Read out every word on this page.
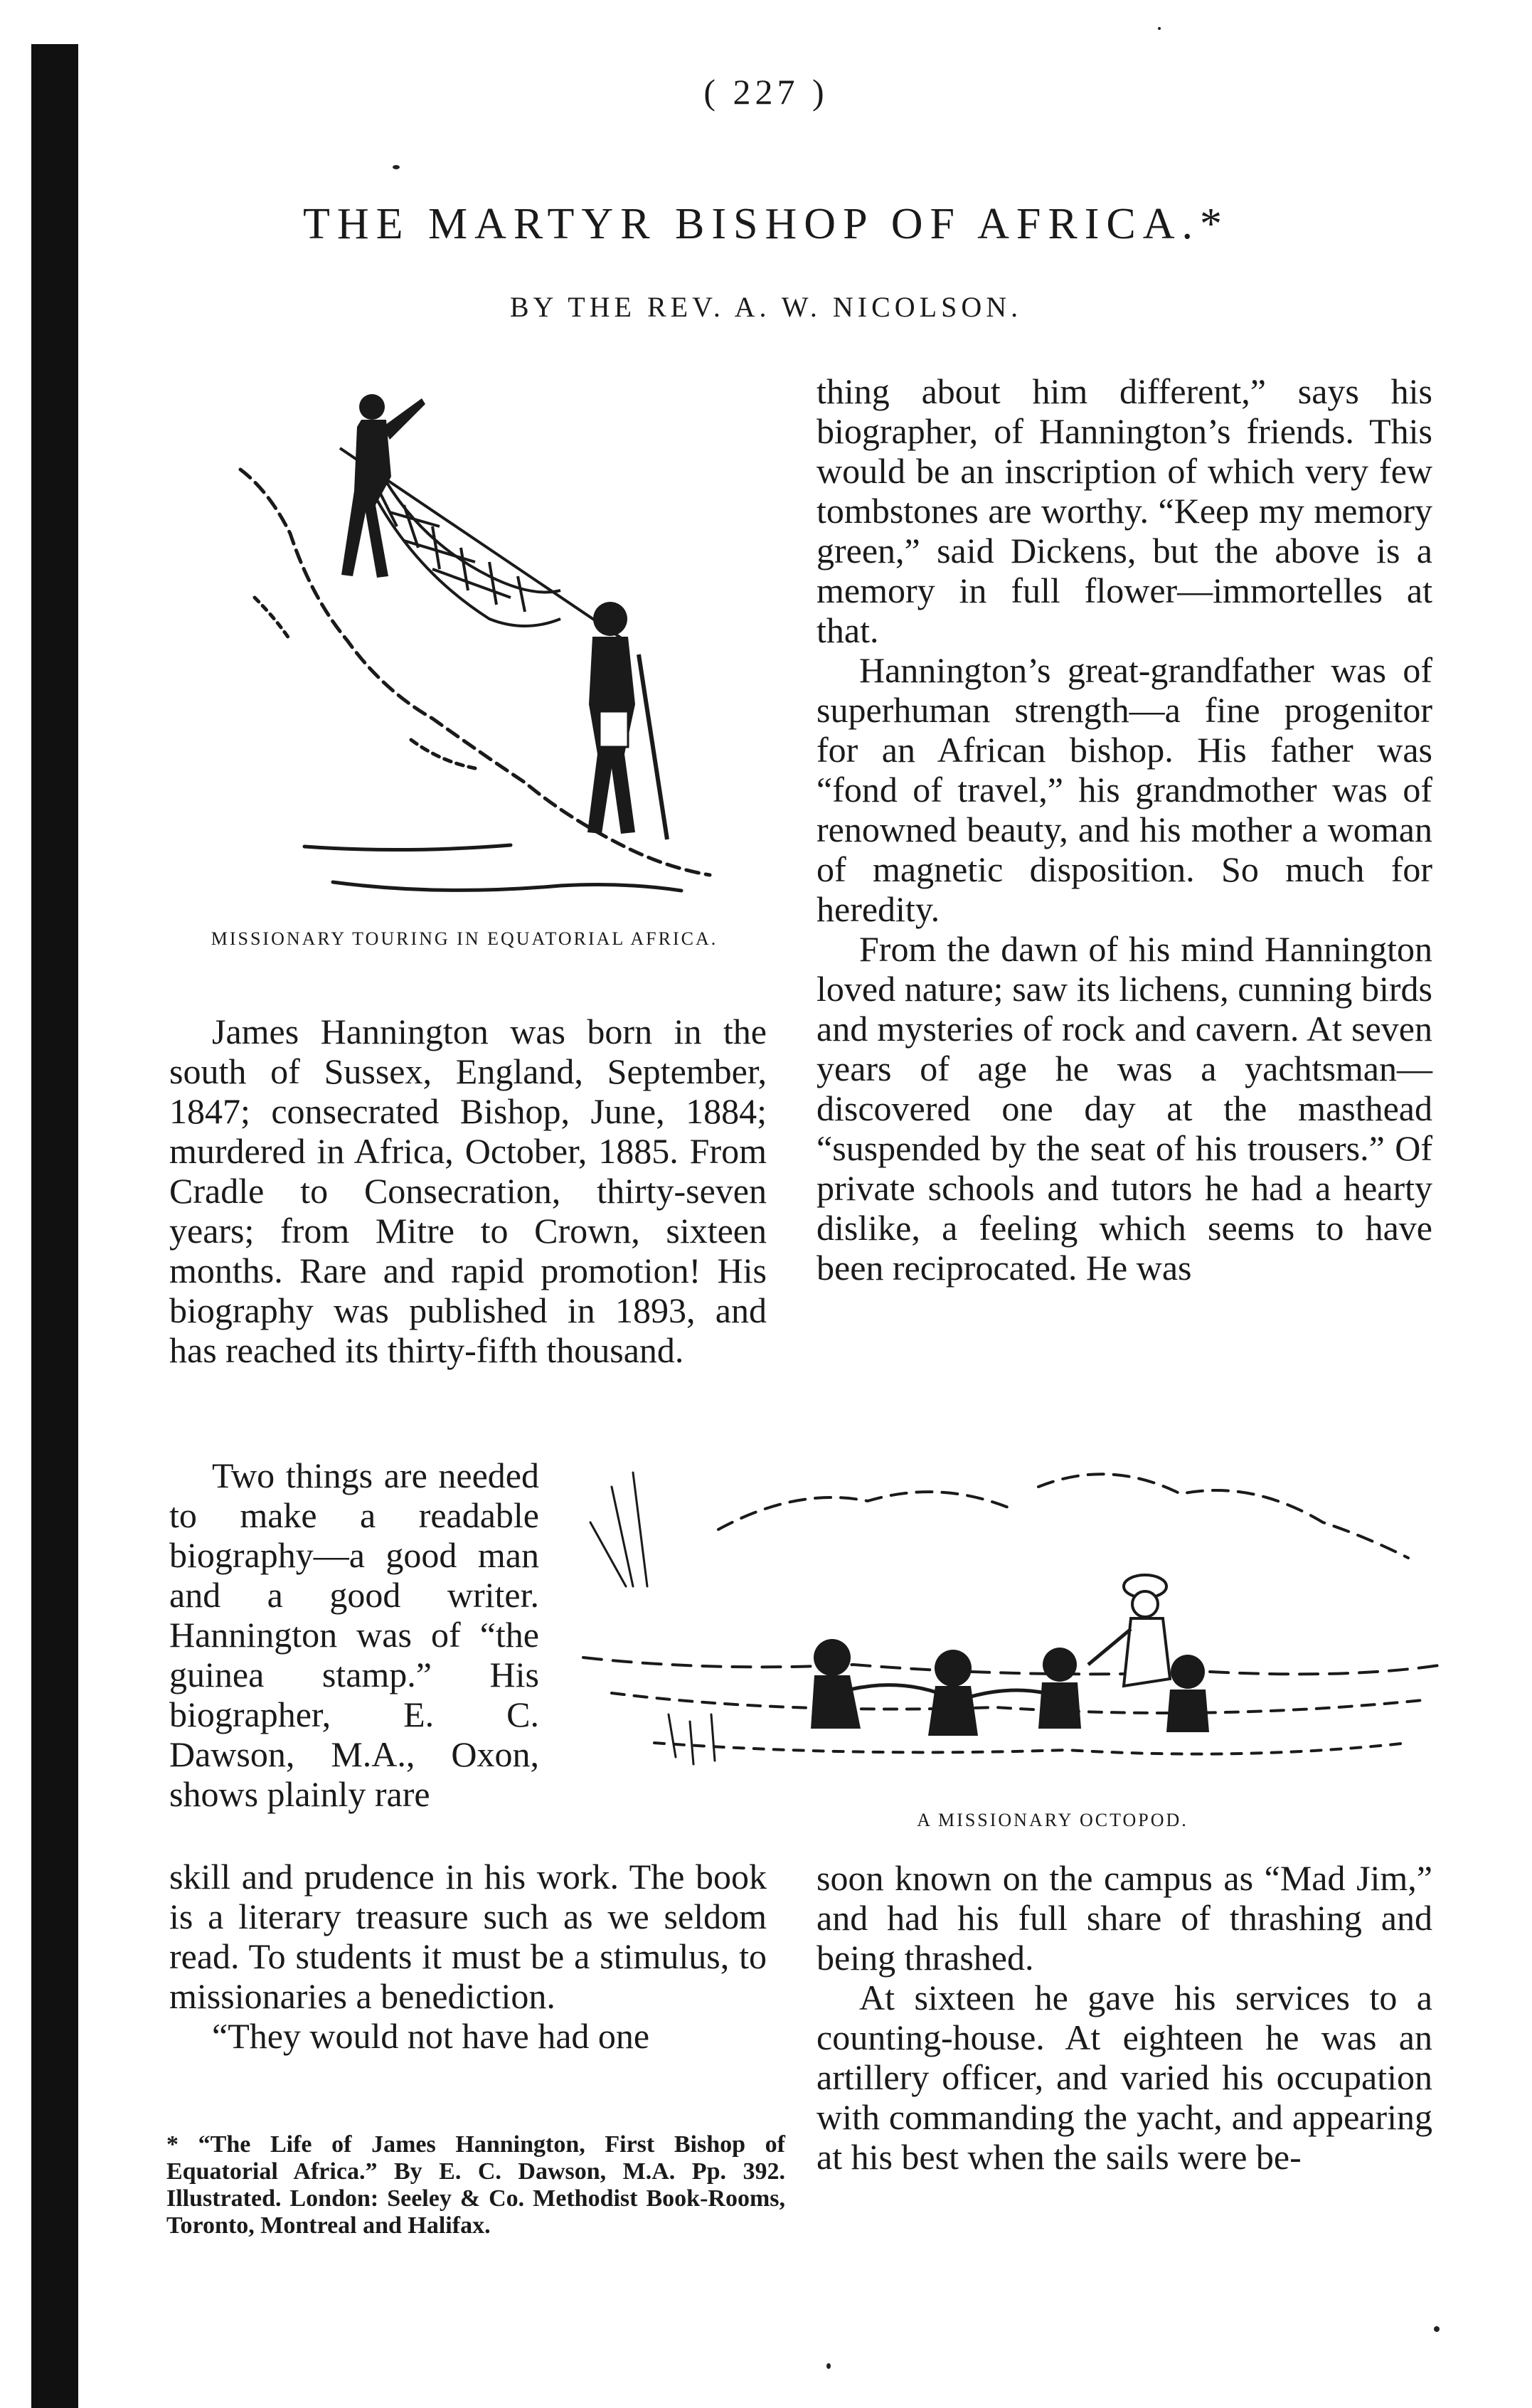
( 227 )
THE MARTYR BISHOP OF AFRICA.*
BY THE REV. A. W. NICOLSON.
MISSIONARY TOURING IN EQUATORIAL AFRICA.
A MISSIONARY OCTOPOD.

James Hannington was born in the south of Sussex, England, September, 1847; consecrated Bishop, June, 1884; murdered in Africa, October, 1885. From Cradle to Consecration, thirty-seven years; from Mitre to Crown, sixteen months. Rare and rapid promotion! His biography was published in 1893, and has reached its thirty-fifth thousand.

Two things are needed to make a readable biography—a good man and a good writer. Hannington was of “the guinea stamp.” His biographer, E. C. Dawson, M.A., Oxon, shows plainly rare

skill and prudence in his work. The book is a literary treasure such as we seldom read. To students it must be a stimulus, to missionaries a benediction.

“They would not have had one

thing about him different,” says his biographer, of Hannington’s friends. This would be an inscription of which very few tombstones are worthy. “Keep my memory green,” said Dickens, but the above is a memory in full flower—immortelles at that.

Hannington’s great-grandfather was of superhuman strength—a fine progenitor for an African bishop. His father was “fond of travel,” his grandmother was of renowned beauty, and his mother a woman of magnetic disposition. So much for heredity.

From the dawn of his mind Hannington loved nature; saw its lichens, cunning birds and mysteries of rock and cavern. At seven years of age he was a yachtsman—discovered one day at the masthead “suspended by the seat of his trousers.” Of private schools and tutors he had a hearty dislike, a feeling which seems to have been reciprocated. He was

soon known on the campus as “Mad Jim,” and had his full share of thrashing and being thrashed.

At sixteen he gave his services to a counting-house. At eighteen he was an artillery officer, and varied his occupation with commanding the yacht, and appearing at his best when the sails were be-

* “The Life of James Hannington, First Bishop of Equatorial Africa.” By E. C. Dawson, M.A. Pp. 392. Illustrated. London: Seeley & Co. Methodist Book-Rooms, Toronto, Montreal and Halifax.
